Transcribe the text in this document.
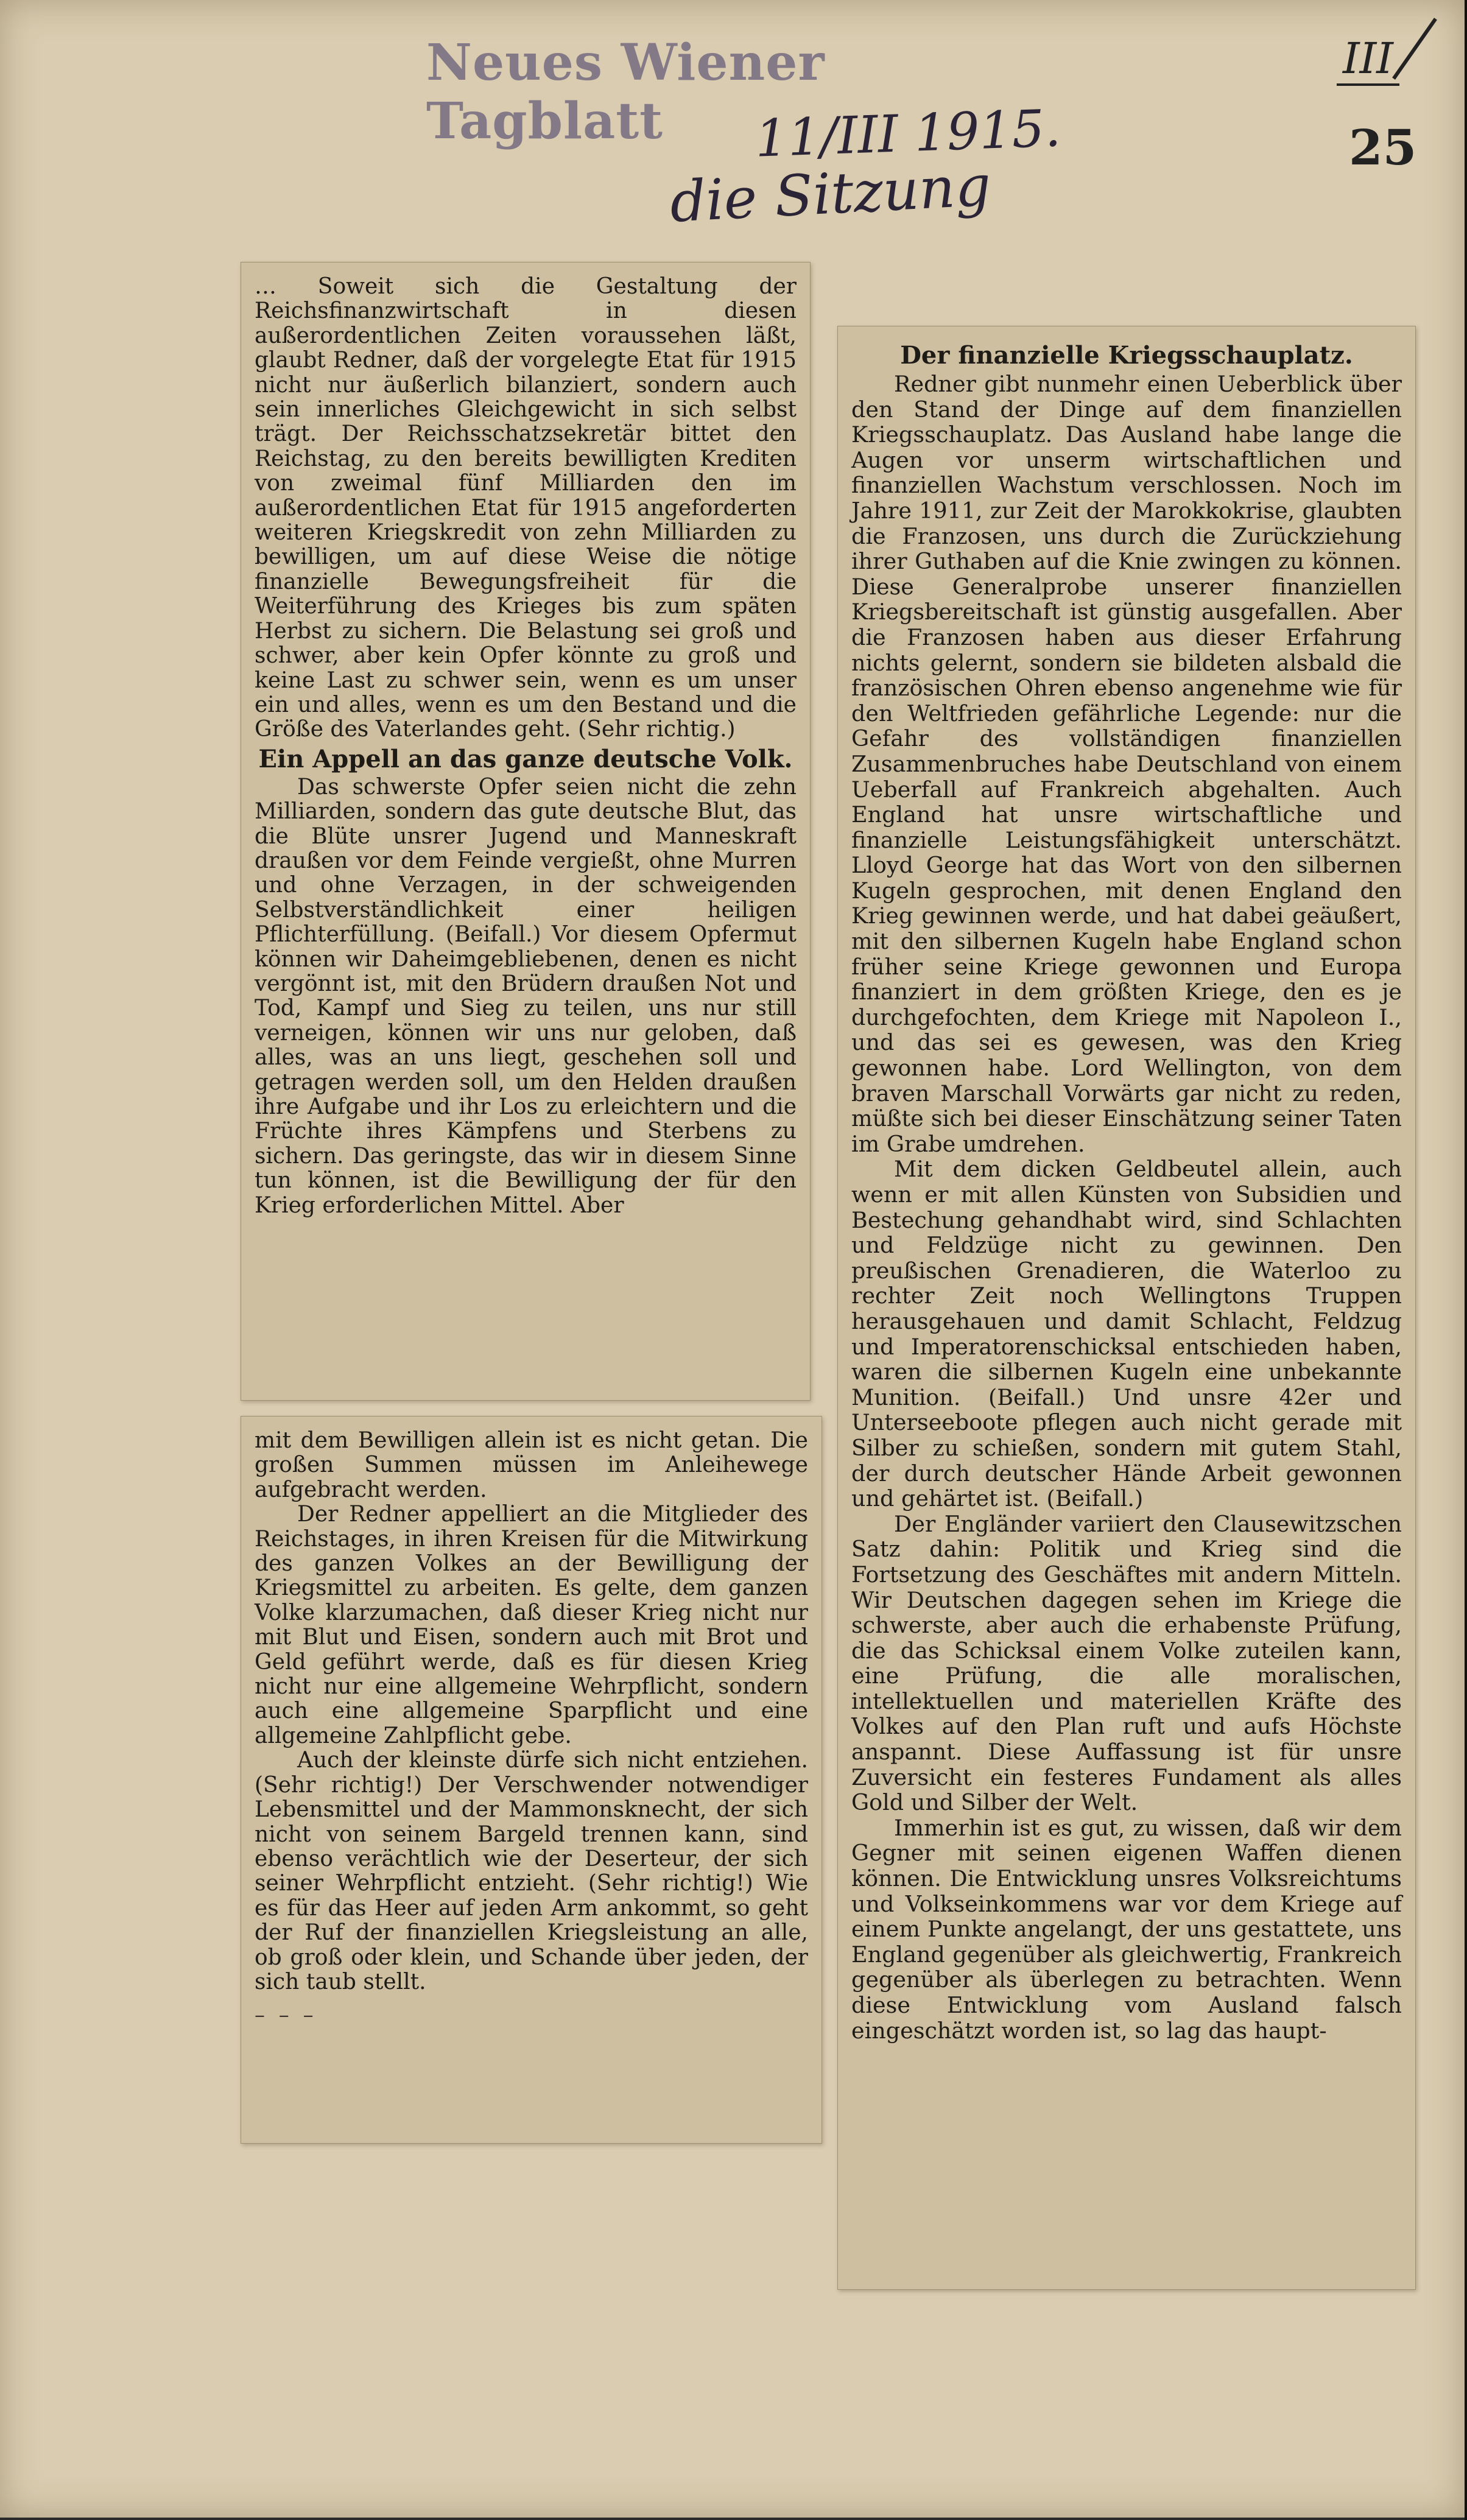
Neues Wiener Tagblatt	11/III 1915.
die Sitzung
III
25

… Soweit sich die Gestaltung der Reichsfinanzwirtschaft in diesen außerordentlichen Zeiten voraussehen läßt, glaubt Redner, daß der vorgelegte Etat für 1915 nicht nur äußerlich bilanziert, sondern auch sein innerliches Gleichgewicht in sich selbst trägt. Der Reichsschatzsekretär bittet den Reichstag, zu den bereits bewilligten Krediten von zweimal fünf Milliarden den im außerordentlichen Etat für 1915 angeforderten weiteren Kriegskredit von zehn Milliarden zu bewilligen, um auf diese Weise die nötige finanzielle Bewegungsfreiheit für die Weiterführung des Krieges bis zum späten Herbst zu sichern. Die Belastung sei groß und schwer, aber kein Opfer könnte zu groß und keine Last zu schwer sein, wenn es um unser ein und alles, wenn es um den Bestand und die Größe des Vaterlandes geht. (Sehr richtig.)

Ein Appell an das ganze deutsche Volk.

Das schwerste Opfer seien nicht die zehn Milliarden, sondern das gute deutsche Blut, das die Blüte unsrer Jugend und Manneskraft draußen vor dem Feinde vergießt, ohne Murren und ohne Verzagen, in der schweigenden Selbstverständlichkeit einer heiligen Pflichterfüllung. (Beifall.) Vor diesem Opfermut können wir Daheimgebliebenen, denen es nicht vergönnt ist, mit den Brüdern draußen Not und Tod, Kampf und Sieg zu teilen, uns nur still verneigen, können wir uns nur geloben, daß alles, was an uns liegt, geschehen soll und getragen werden soll, um den Helden draußen ihre Aufgabe und ihr Los zu erleichtern und die Früchte ihres Kämpfens und Sterbens zu sichern. Das geringste, das wir in diesem Sinne tun können, ist die Bewilligung der für den Krieg erforderlichen Mittel. Aber

mit dem Bewilligen allein ist es nicht getan. Die großen Summen müssen im Anleihewege aufgebracht werden.

Der Redner appelliert an die Mitglieder des Reichstages, in ihren Kreisen für die Mitwirkung des ganzen Volkes an der Bewilligung der Kriegsmittel zu arbeiten. Es gelte, dem ganzen Volke klarzumachen, daß dieser Krieg nicht nur mit Blut und Eisen, sondern auch mit Brot und Geld geführt werde, daß es für diesen Krieg nicht nur eine allgemeine Wehrpflicht, sondern auch eine allgemeine Sparpflicht und eine allgemeine Zahlpflicht gebe.

Auch der kleinste dürfe sich nicht entziehen. (Sehr richtig!) Der Verschwender notwendiger Lebensmittel und der Mammonsknecht, der sich nicht von seinem Bargeld trennen kann, sind ebenso verächtlich wie der Deserteur, der sich seiner Wehrpflicht entzieht. (Sehr richtig!) Wie es für das Heer auf jeden Arm ankommt, so geht der Ruf der finanziellen Kriegsleistung an alle, ob groß oder klein, und Schande über jeden, der sich taub stellt.

– – –
Der finanzielle Kriegsschauplatz.

Redner gibt nunmehr einen Ueberblick über den Stand der Dinge auf dem finanziellen Kriegsschauplatz. Das Ausland habe lange die Augen vor unserm wirtschaftlichen und finanziellen Wachstum verschlossen. Noch im Jahre 1911, zur Zeit der Marokkokrise, glaubten die Franzosen, uns durch die Zurückziehung ihrer Guthaben auf die Knie zwingen zu können. Diese Generalprobe unserer finanziellen Kriegsbereitschaft ist günstig ausgefallen. Aber die Franzosen haben aus dieser Erfahrung nichts gelernt, sondern sie bildeten alsbald die französischen Ohren ebenso angenehme wie für den Weltfrieden gefährliche Legende: nur die Gefahr des vollständigen finanziellen Zusammenbruches habe Deutschland von einem Ueberfall auf Frankreich abgehalten. Auch England hat unsre wirtschaftliche und finanzielle Leistungsfähigkeit unterschätzt. Lloyd George hat das Wort von den silbernen Kugeln gesprochen, mit denen England den Krieg gewinnen werde, und hat dabei geäußert, mit den silbernen Kugeln habe England schon früher seine Kriege gewonnen und Europa finanziert in dem größten Kriege, den es je durchgefochten, dem Kriege mit Napoleon I., und das sei es gewesen, was den Krieg gewonnen habe. Lord Wellington, von dem braven Marschall Vorwärts gar nicht zu reden, müßte sich bei dieser Einschätzung seiner Taten im Grabe umdrehen.

Mit dem dicken Geldbeutel allein, auch wenn er mit allen Künsten von Subsidien und Bestechung gehandhabt wird, sind Schlachten und Feldzüge nicht zu gewinnen. Den preußischen Grenadieren, die Waterloo zu rechter Zeit noch Wellingtons Truppen herausgehauen und damit Schlacht, Feldzug und Imperatorenschicksal entschieden haben, waren die silbernen Kugeln eine unbekannte Munition. (Beifall.) Und unsre 42er und Unterseeboote pflegen auch nicht gerade mit Silber zu schießen, sondern mit gutem Stahl, der durch deutscher Hände Arbeit gewonnen und gehärtet ist. (Beifall.)

Der Engländer variiert den Clausewitzschen Satz dahin: Politik und Krieg sind die Fortsetzung des Geschäftes mit andern Mitteln. Wir Deutschen dagegen sehen im Kriege die schwerste, aber auch die erhabenste Prüfung, die das Schicksal einem Volke zuteilen kann, eine Prüfung, die alle moralischen, intellektuellen und materiellen Kräfte des Volkes auf den Plan ruft und aufs Höchste anspannt. Diese Auffassung ist für unsre Zuversicht ein festeres Fundament als alles Gold und Silber der Welt.

Immerhin ist es gut, zu wissen, daß wir dem Gegner mit seinen eigenen Waffen dienen können. Die Entwicklung unsres Volksreichtums und Volkseinkommens war vor dem Kriege auf einem Punkte angelangt, der uns gestattete, uns England gegenüber als gleichwertig, Frankreich gegenüber als überlegen zu betrachten. Wenn diese Entwicklung vom Ausland falsch eingeschätzt worden ist, so lag das haupt-
